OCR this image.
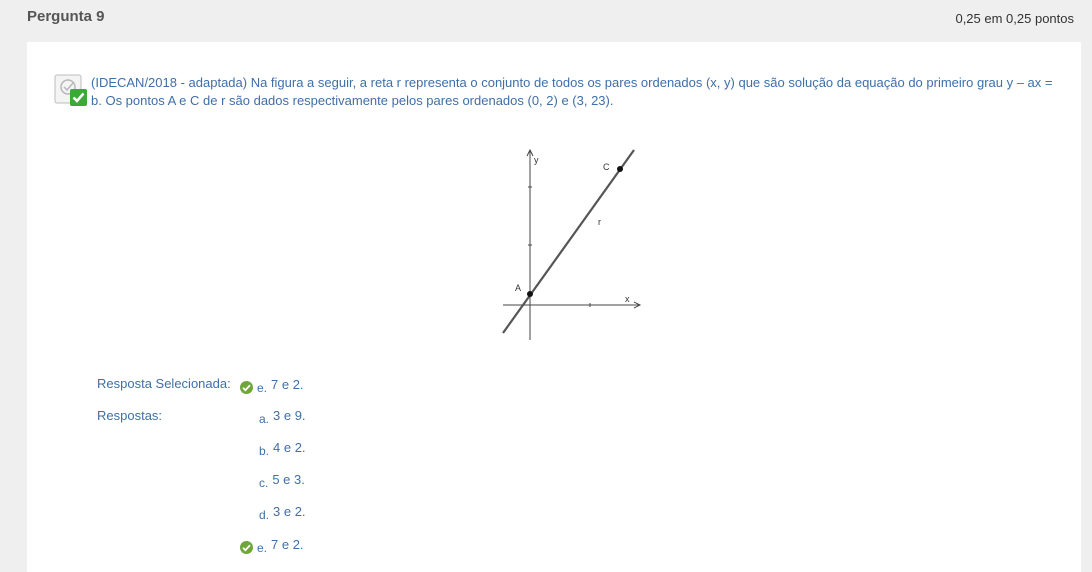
Pergunta 9	0,25 em 0,25 pontos
(IDECAN/2018 - adaptada) Na figura a seguir, a reta r representa o conjunto de todos os pares ordenados (x, y) que são solução da equação do primeiro grau y – ax = b. Os pontos A e C de r são dados respectivamente pelos pares ordenados (0, 2) e (3, 23).
y
x
A
C
r
Resposta Selecionada:	e. 7 e 2.
Respostas:	a. 3 e 9.
b. 4 e 2.
c. 5 e 3.
d. 3 e 2.
e. 7 e 2.
